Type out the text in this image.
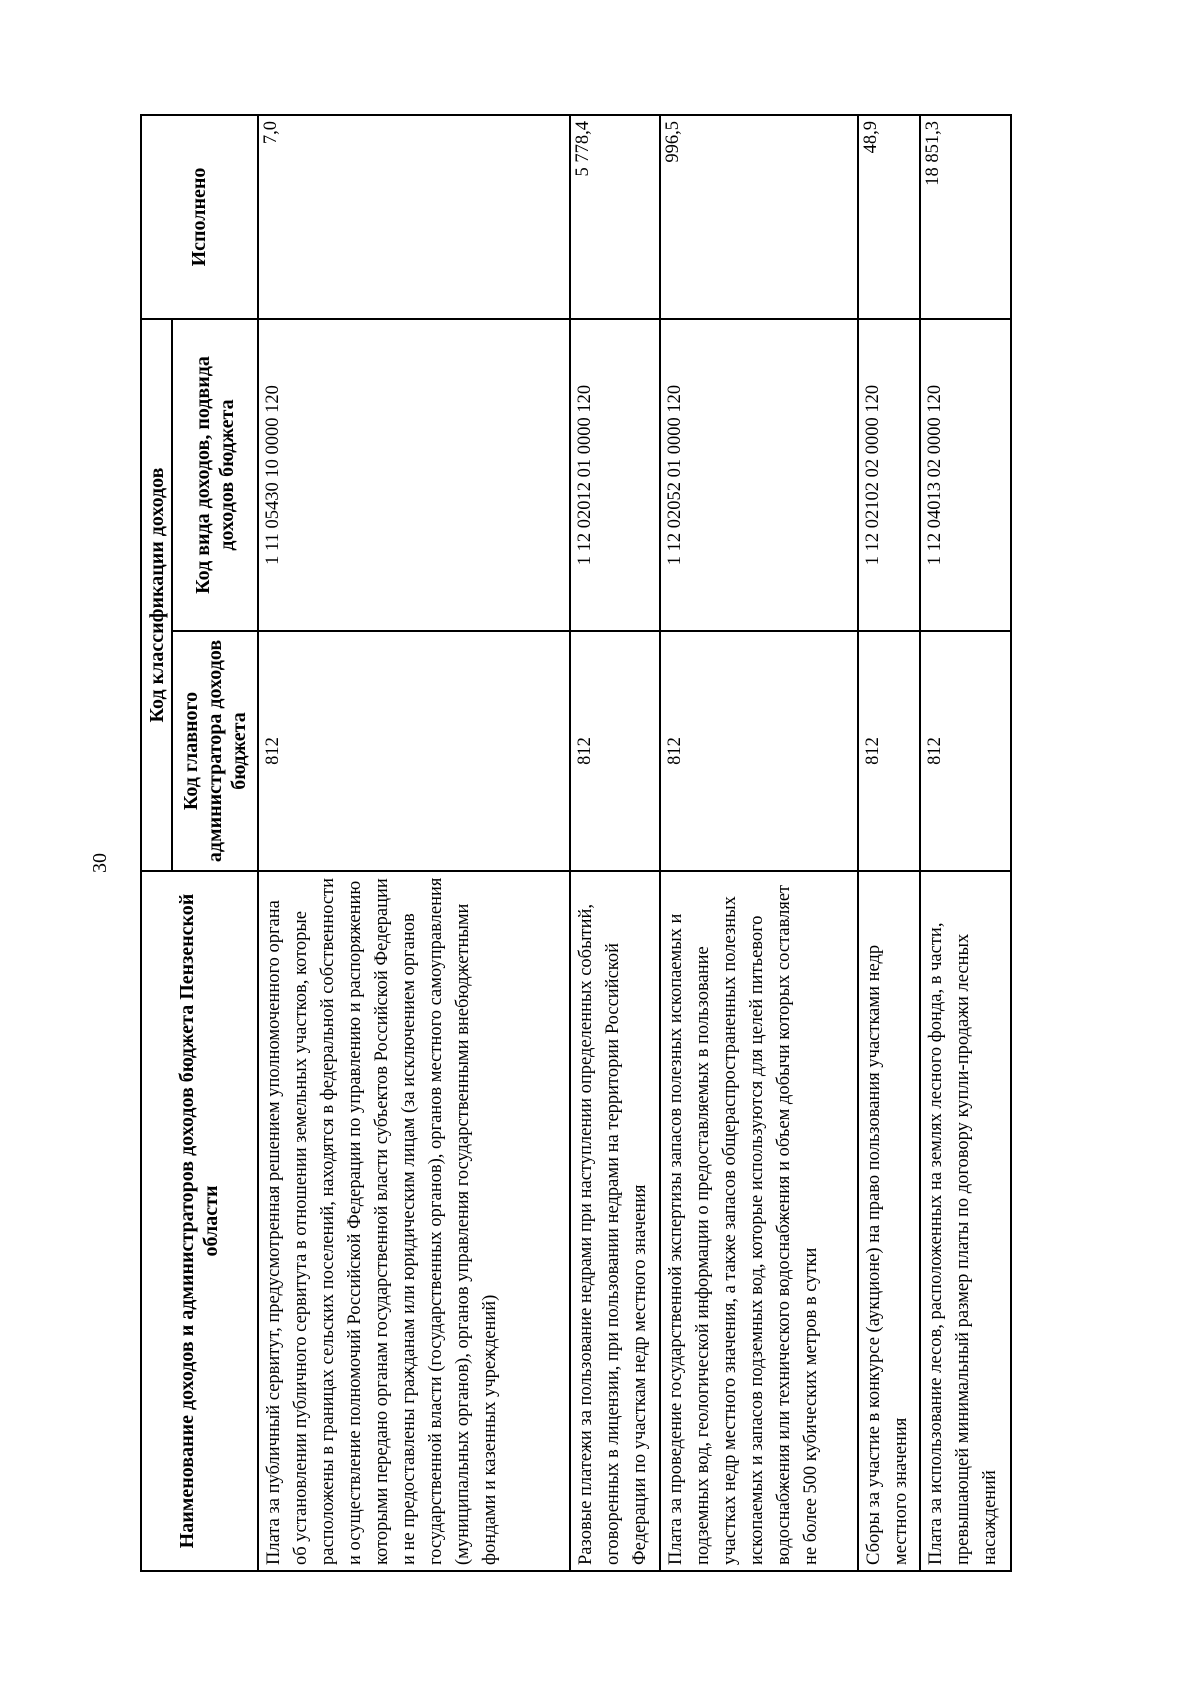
30
Наименование доходов и администраторов доходов бюджета Пензенской области	Код классификации доходов		Исполнено
	Код главного администратора доходов бюджета	Код вида доходов, подвида доходов бюджета	
Плата за публичный сервитут, предусмотренная решением уполномоченного органа об установлении публичного сервитута в отношении земельных участков, которые расположены в границах сельских поселений, находятся в федеральной собственности и осуществление полномочий Российской Федерации по управлению и распоряжению которыми передано органам государственной власти субъектов Российской Федерации и не предоставлены гражданам или юридическим лицам (за исключением органов государственной власти (государственных органов), органов местного самоуправления (муниципальных органов), органов управления государственными внебюджетными фондами и казенных учреждений)	812	1 11 05430 10 0000 120	7,0
Разовые платежи за пользование недрами при наступлении определенных событий, оговоренных в лицензии, при пользовании недрами на территории Российской Федерации по участкам недр местного значения	812	1 12 02012 01 0000 120	5 778,4
Плата за проведение государственной экспертизы запасов полезных ископаемых и подземных вод, геологической информации о предоставляемых в пользование участках недр местного значения, а также запасов общераспространенных полезных ископаемых и запасов подземных вод, которые используются для целей питьевого водоснабжения или технического водоснабжения и объем добычи которых составляет не более 500 кубических метров в сутки	812	1 12 02052 01 0000 120	996,5
Сборы за участие в конкурсе (аукционе) на право пользования участками недр местного значения	812	1 12 02102 02 0000 120	48,9
Плата за использование лесов, расположенных на землях лесного фонда, в части, превышающей минимальный размер платы по договору купли-продажи лесных насаждений	812	1 12 04013 02 0000 120	18 851,3
